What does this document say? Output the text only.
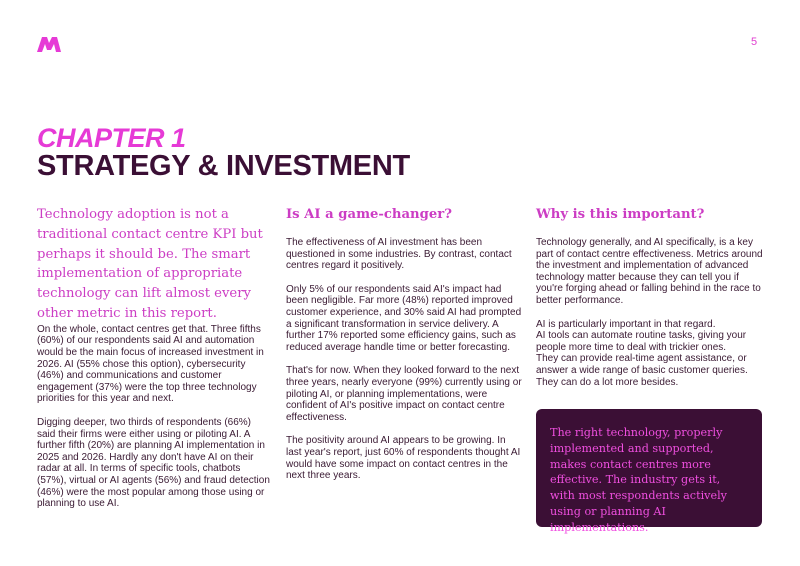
5
CHAPTER 1
STRATEGY & INVESTMENT

Technology adoption is not a traditional contact centre KPI but perhaps it should be. The smart implementation of appropriate technology can lift almost every other metric in this report.

On the whole, contact centres get that. Three fifths (60%) of our respondents said AI and automation would be the main focus of increased investment in 2026. AI (55% chose this option), cybersecurity (46%) and communications and customer engagement (37%) were the top three technology priorities for this year and next.

Digging deeper, two thirds of respondents (66%) said their firms were either using or piloting AI. A further fifth (20%) are planning AI implementation in 2025 and 2026. Hardly any don't have AI on their radar at all. In terms of specific tools, chatbots (57%), virtual or AI agents (56%) and fraud detection (46%) were the most popular among those using or planning to use AI.

Is AI a game-changer?

The effectiveness of AI investment has been questioned in some industries. By contrast, contact centres regard it positively.

Only 5% of our respondents said AI's impact had been negligible. Far more (48%) reported improved customer experience, and 30% said AI had prompted a significant transformation in service delivery. A further 17% reported some efficiency gains, such as reduced average handle time or better forecasting.

That's for now. When they looked forward to the next three years, nearly everyone (99%) currently using or piloting AI, or planning implementations, were confident of AI's positive impact on contact centre effectiveness.

The positivity around AI appears to be growing. In last year's report, just 60% of respondents thought AI would have some impact on contact centres in the next three years.

Why is this important?

Technology generally, and AI specifically, is a key part of contact centre effectiveness. Metrics around the investment and implementation of advanced technology matter because they can tell you if you're forging ahead or falling behind in the race to better performance.

AI is particularly important in that regard.
AI tools can automate routine tasks, giving your people more time to deal with trickier ones.
They can provide real-time agent assistance, or answer a wide range of basic customer queries. They can do a lot more besides.

The right technology, properly implemented and supported, makes contact centres more effective. The industry gets it, with most respondents actively using or planning AI implementations.
